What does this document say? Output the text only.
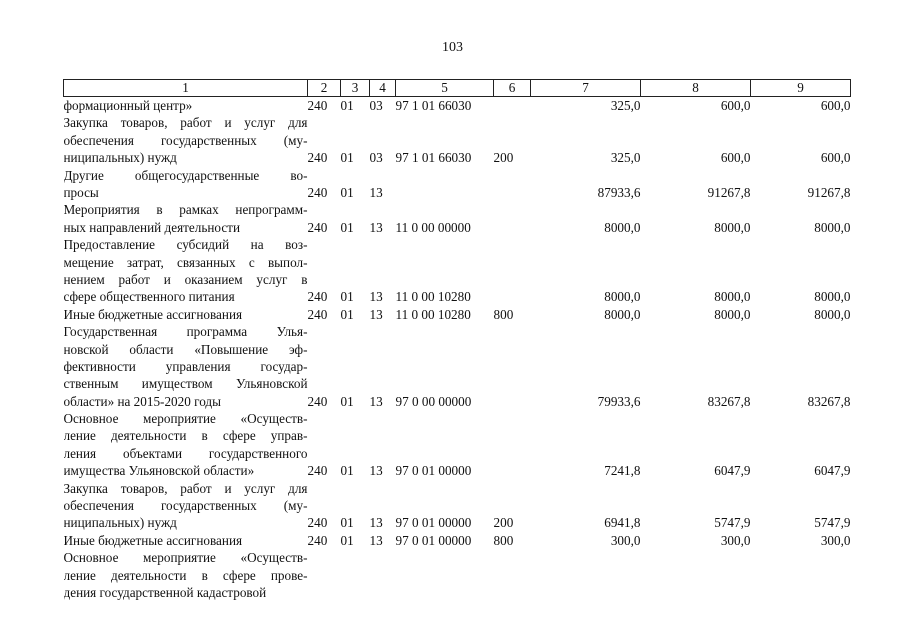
103
1	2	3	4	5	6	7	8	9

формационный центр»	240	01	03	97 1 01 66030		325,0	600,0	600,0

Закупка товаров, работ и услуг для
обеспечения государственных (му-
ниципальных) нужд	240	01	03	97 1 01 66030	200	325,0	600,0	600,0

Другие общегосударственные во-
просы	240	01	13			87933,6	91267,8	91267,8

Мероприятия в рамках непрограмм-
ных направлений деятельности	240	01	13	11 0 00 00000		8000,0	8000,0	8000,0

Предоставление субсидий на воз-
мещение затрат, связанных с выпол-
нением работ и оказанием услуг в
сфере общественного питания	240	01	13	11 0 00 10280		8000,0	8000,0	8000,0

Иные бюджетные ассигнования	240	01	13	11 0 00 10280	800	8000,0	8000,0	8000,0

Государственная программа Улья-
новской области «Повышение эф-
фективности управления государ-
ственным имуществом Ульяновской
области» на 2015-2020 годы	240	01	13	97 0 00 00000		79933,6	83267,8	83267,8

Основное мероприятие «Осуществ-
ление деятельности в сфере управ-
ления объектами государственного
имущества Ульяновской области»	240	01	13	97 0 01 00000		7241,8	6047,9	6047,9

Закупка товаров, работ и услуг для
обеспечения государственных (му-
ниципальных) нужд	240	01	13	97 0 01 00000	200	6941,8	5747,9	5747,9

Иные бюджетные ассигнования	240	01	13	97 0 01 00000	800	300,0	300,0	300,0

Основное мероприятие «Осуществ-
ление деятельности в сфере прове-
дения государственной кадастровой								
